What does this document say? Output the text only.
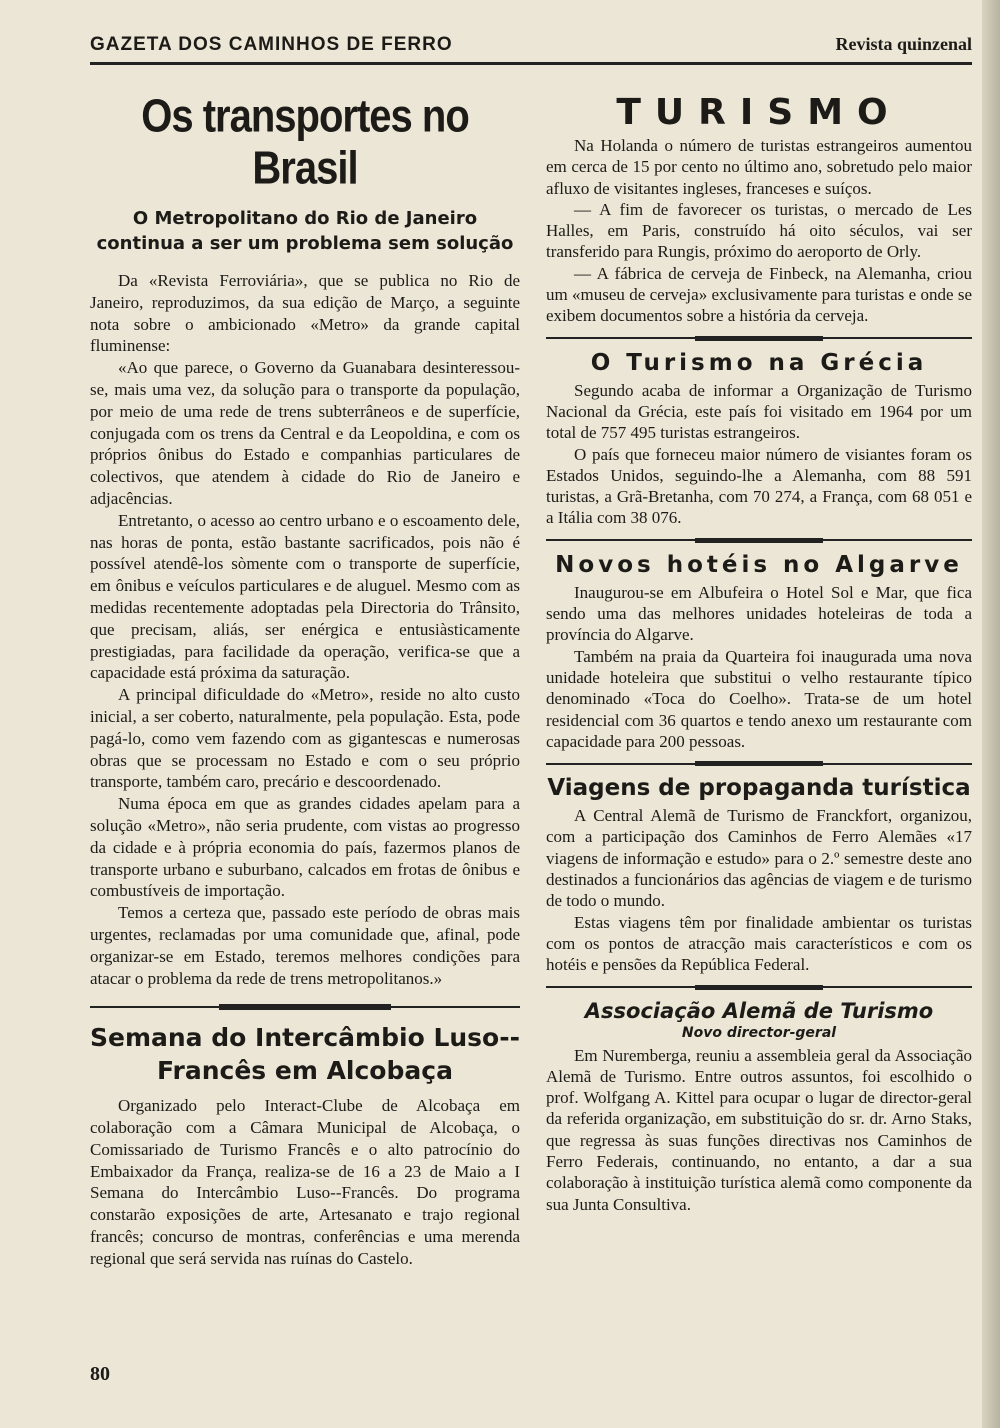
GAZETA DOS CAMINHOS DE FERRO	Revista quinzenal
Os transportes no Brasil
O Metropolitano do Rio de Janeiro continua a ser um problema sem solução

Da «Revista Ferroviária», que se publica no Rio de Janeiro, reproduzimos, da sua edição de Março, a seguinte nota sobre o ambicionado «Metro» da grande capital fluminense:

«Ao que parece, o Governo da Guanabara desinteressou-se, mais uma vez, da solução para o transporte da população, por meio de uma rede de trens subterrâneos e de superfície, conjugada com os trens da Central e da Leopoldina, e com os próprios ônibus do Estado e companhias particulares de colectivos, que atendem à cidade do Rio de Janeiro e adjacências.

Entretanto, o acesso ao centro urbano e o escoamento dele, nas horas de ponta, estão bastante sacrificados, pois não é possível atendê-los sòmente com o transporte de superfície, em ônibus e veículos particulares e de aluguel. Mesmo com as medidas recentemente adoptadas pela Directoria do Trânsito, que precisam, aliás, ser enérgica e entusiàsticamente prestigiadas, para facilidade da operação, verifica-se que a capacidade está próxima da saturação.

A principal dificuldade do «Metro», reside no alto custo inicial, a ser coberto, naturalmente, pela população. Esta, pode pagá-lo, como vem fazendo com as gigantescas e numerosas obras que se processam no Estado e com o seu próprio transporte, também caro, precário e descoordenado.

Numa época em que as grandes cidades apelam para a solução «Metro», não seria prudente, com vistas ao progresso da cidade e à própria economia do país, fazermos planos de transporte urbano e suburbano, calcados em frotas de ônibus e combustíveis de importação.

Temos a certeza que, passado este período de obras mais urgentes, reclamadas por uma comunidade que, afinal, pode organizar-se em Estado, teremos melhores condições para atacar o problema da rede de trens metropolitanos.»

Semana do Intercâmbio Luso--Francês em Alcobaça

Organizado pelo Interact-Clube de Alcobaça em colaboração com a Câmara Municipal de Alcobaça, o Comissariado de Turismo Francês e o alto patrocínio do Embaixador da França, realiza-se de 16 a 23 de Maio a I Semana do Intercâmbio Luso--Francês. Do programa constarão exposições de arte, Artesanato e trajo regional francês; concurso de montras, conferências e uma merenda regional que será servida nas ruínas do Castelo.

TURISMO

Na Holanda o número de turistas estrangeiros aumentou em cerca de 15 por cento no último ano, sobretudo pelo maior afluxo de visitantes ingleses, franceses e suíços.

— A fim de favorecer os turistas, o mercado de Les Halles, em Paris, construído há oito séculos, vai ser transferido para Rungis, próximo do aeroporto de Orly.

— A fábrica de cerveja de Finbeck, na Alemanha, criou um «museu de cerveja» exclusivamente para turistas e onde se exibem documentos sobre a história da cerveja.

O Turismo na Grécia

Segundo acaba de informar a Organização de Turismo Nacional da Grécia, este país foi visitado em 1964 por um total de 757 495 turistas estrangeiros.

O país que forneceu maior número de visiantes foram os Estados Unidos, seguindo-lhe a Alemanha, com 88 591 turistas, a Grã-Bretanha, com 70 274, a França, com 68 051 e a Itália com 38 076.

Novos hotéis no Algarve

Inaugurou-se em Albufeira o Hotel Sol e Mar, que fica sendo uma das melhores unidades hoteleiras de toda a província do Algarve.

Também na praia da Quarteira foi inaugurada uma nova unidade hoteleira que substitui o velho restaurante típico denominado «Toca do Coelho». Trata-se de um hotel residencial com 36 quartos e tendo anexo um restaurante com capacidade para 200 pessoas.

Viagens de propaganda turística

A Central Alemã de Turismo de Franckfort, organizou, com a participação dos Caminhos de Ferro Alemães «17 viagens de informação e estudo» para o 2.º semestre deste ano destinados a funcionários das agências de viagem e de turismo de todo o mundo.

Estas viagens têm por finalidade ambientar os turistas com os pontos de atracção mais característicos e com os hotéis e pensões da República Federal.

Associação Alemã de Turismo
Novo director-geral

Em Nuremberga, reuniu a assembleia geral da Associação Alemã de Turismo. Entre outros assuntos, foi escolhido o prof. Wolfgang A. Kittel para ocupar o lugar de director-geral da referida organização, em substituição do sr. dr. Arno Staks, que regressa às suas funções directivas nos Caminhos de Ferro Federais, continuando, no entanto, a dar a sua colaboração à instituição turística alemã como componente da sua Junta Consultiva.

80
